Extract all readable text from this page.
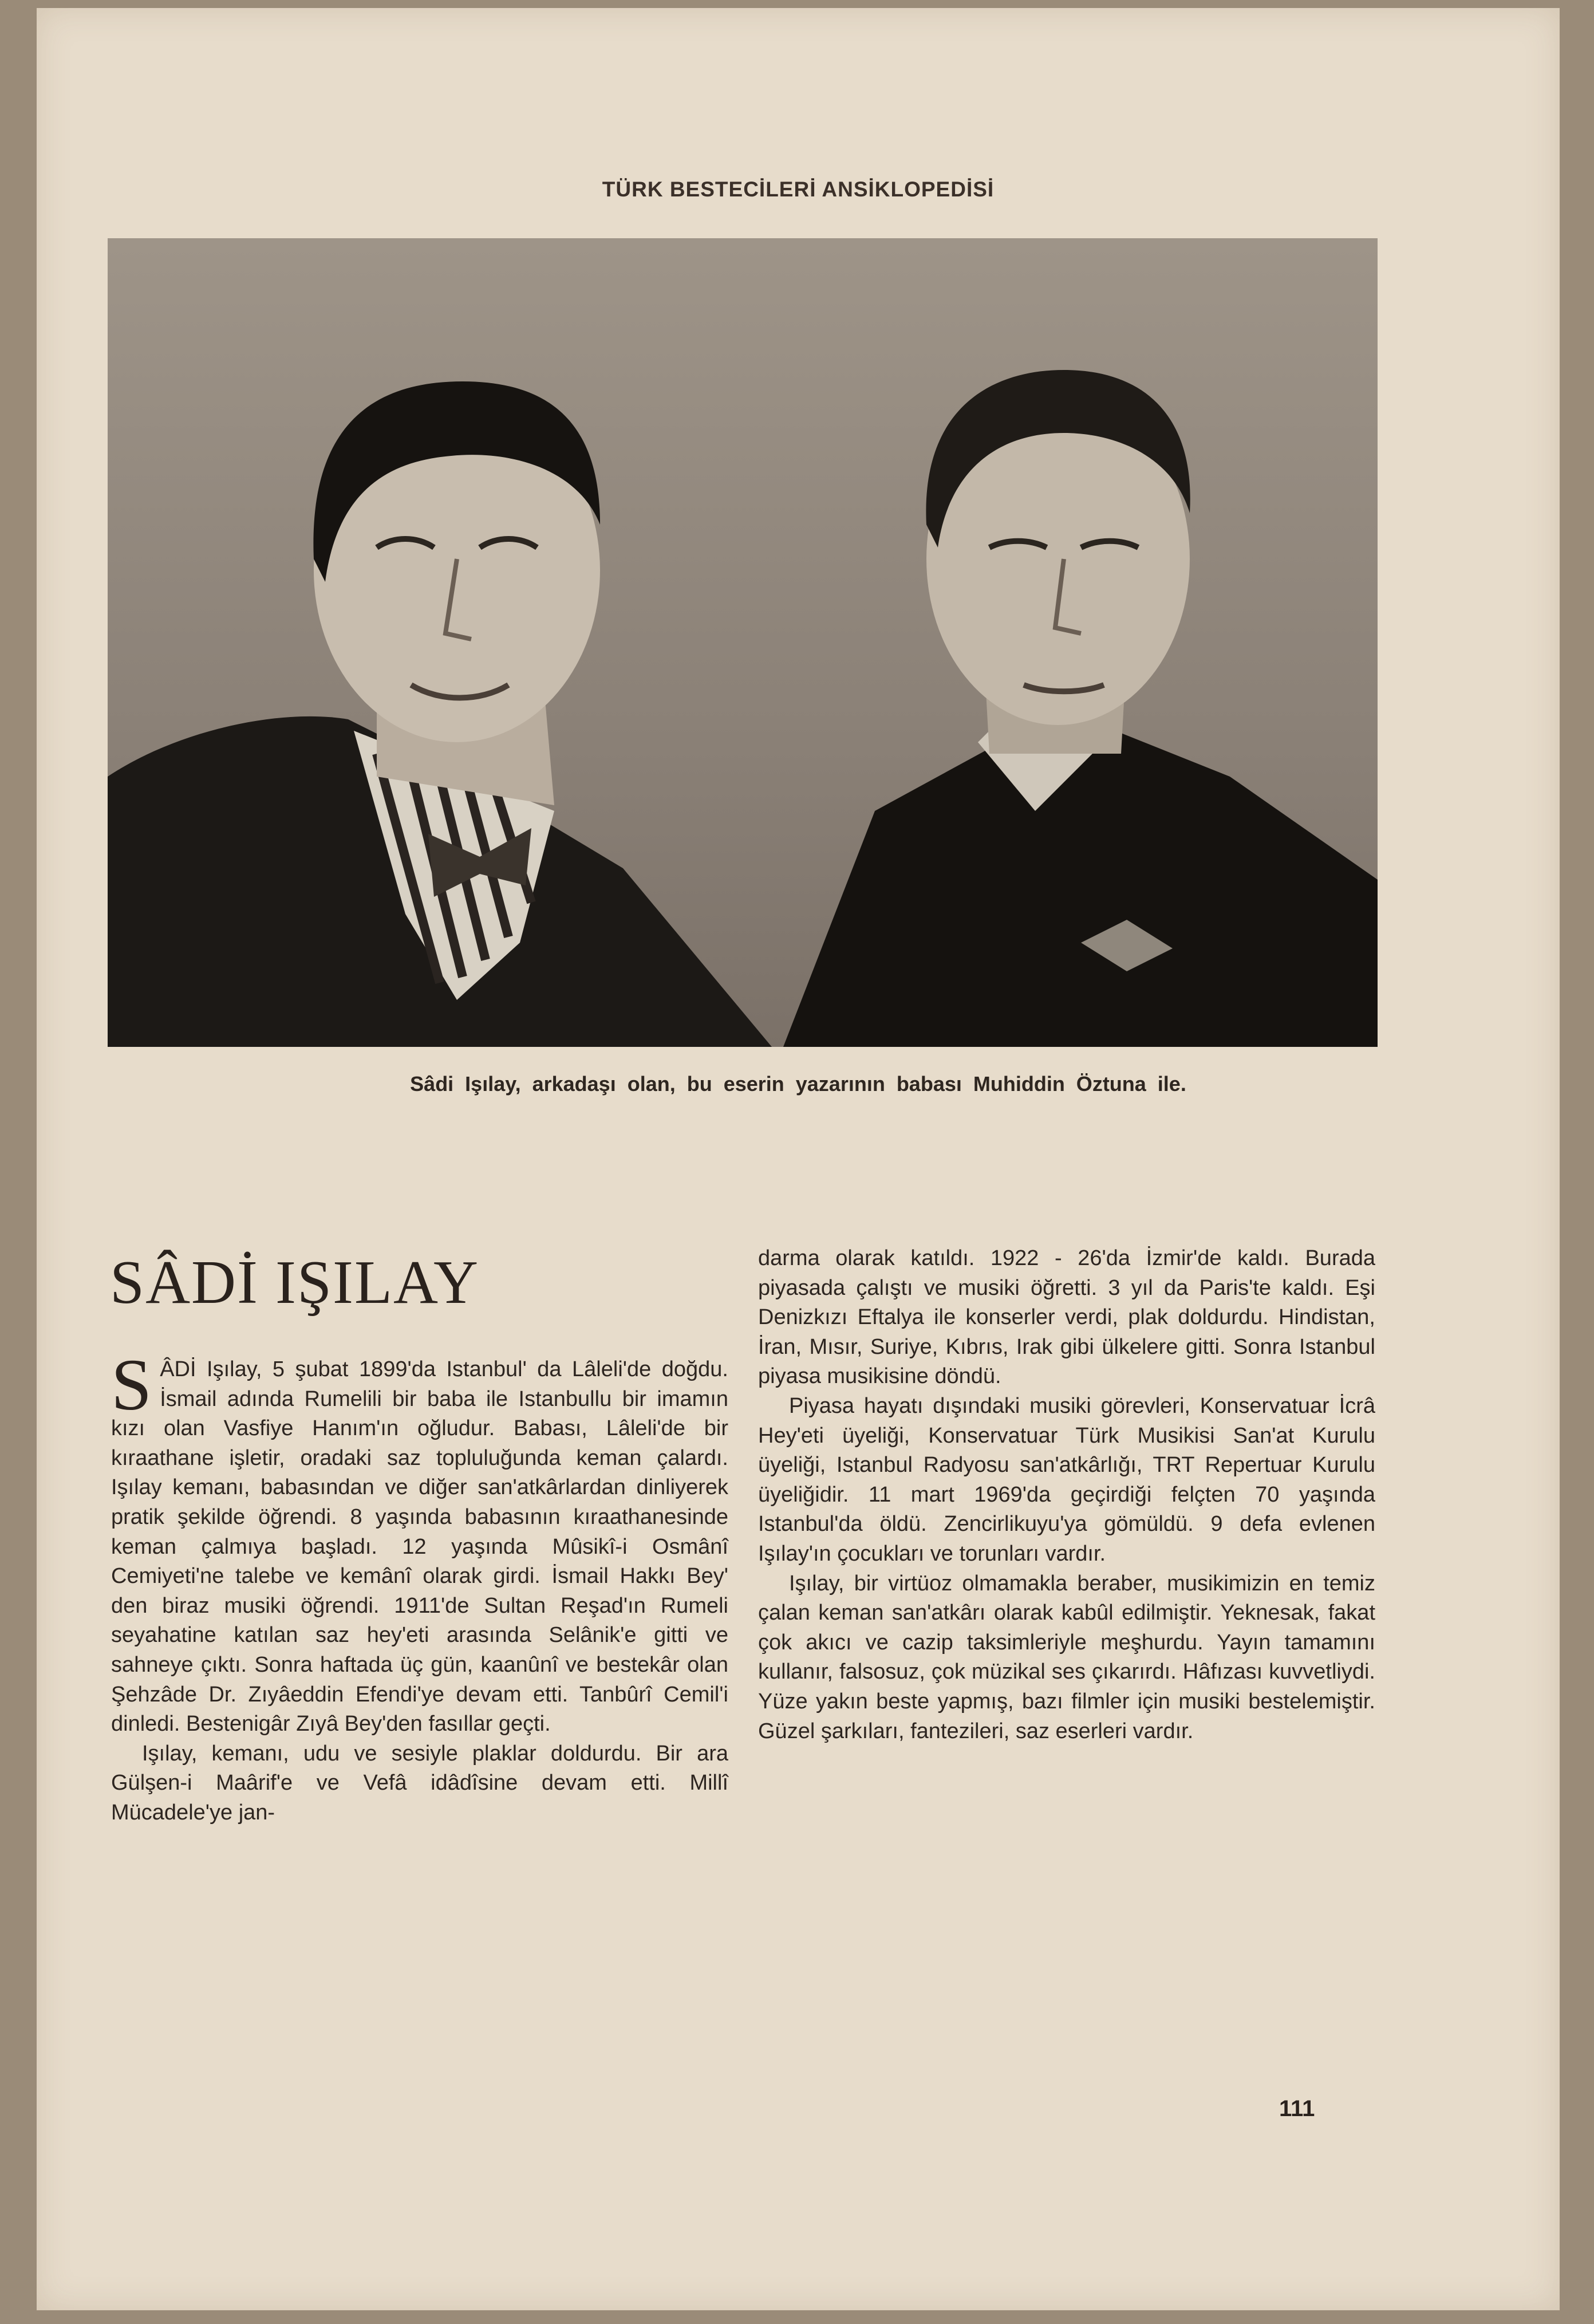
TÜRK BESTECİLERİ ANSİKLOPEDİSİ
Sâdi Işılay, arkadaşı olan, bu eserin yazarının babası Muhiddin Öztuna ile.
SÂDİ IŞILAY

SÂDİ Işılay, 5 şubat 1899'da Istanbul' da Lâleli'de doğdu. İsmail adında Rumelili bir baba ile Istanbullu bir imamın kızı olan Vasfiye Hanım'ın oğludur. Babası, Lâleli'de bir kıraathane işletir, oradaki saz topluluğunda keman çalardı. Işılay kemanı, babasından ve diğer san'atkârlardan dinliyerek pratik şekilde öğrendi. 8 yaşında babasının kıraathanesinde keman çalmıya başladı. 12 yaşında Mûsikî-i Osmânî Cemiyeti'ne talebe ve kemânî olarak girdi. İsmail Hakkı Bey' den biraz musiki öğrendi. 1911'de Sultan Reşad'ın Rumeli seyahatine katılan saz hey'eti arasında Selânik'e gitti ve sahneye çıktı. Sonra haftada üç gün, kaanûnî ve bestekâr olan Şehzâde Dr. Zıyâeddin Efendi'ye devam etti. Tanbûrî Cemil'i dinledi. Bestenigâr Zıyâ Bey'den fasıllar geçti.

Işılay, kemanı, udu ve sesiyle plaklar doldurdu. Bir ara Gülşen-i Maârif'e ve Vefâ idâdîsine devam etti. Millî Mücadele'ye jan-

darma olarak katıldı. 1922 - 26'da İzmir'de kaldı. Burada piyasada çalıştı ve musiki öğretti. 3 yıl da Paris'te kaldı. Eşi Denizkızı Eftalya ile konserler verdi, plak doldurdu. Hindistan, İran, Mısır, Suriye, Kıbrıs, Irak gibi ülkelere gitti. Sonra Istanbul piyasa musikisine döndü.

Piyasa hayatı dışındaki musiki görevleri, Konservatuar İcrâ Hey'eti üyeliği, Konservatuar Türk Musikisi San'at Kurulu üyeliği, Istanbul Radyosu san'atkârlığı, TRT Repertuar Kurulu üyeliğidir. 11 mart 1969'da geçirdiği felçten 70 yaşında Istanbul'da öldü. Zencirlikuyu'ya gömüldü. 9 defa evlenen Işılay'ın çocukları ve torunları vardır.

Işılay, bir virtüoz olmamakla beraber, musikimizin en temiz çalan keman san'atkârı olarak kabûl edilmiştir. Yeknesak, fakat çok akıcı ve cazip taksimleriyle meşhurdu. Yayın tamamını kullanır, falsosuz, çok müzikal ses çıkarırdı. Hâfızası kuvvetliydi. Yüze yakın beste yapmış, bazı filmler için musiki bestelemiştir. Güzel şarkıları, fantezileri, saz eserleri vardır.

111
